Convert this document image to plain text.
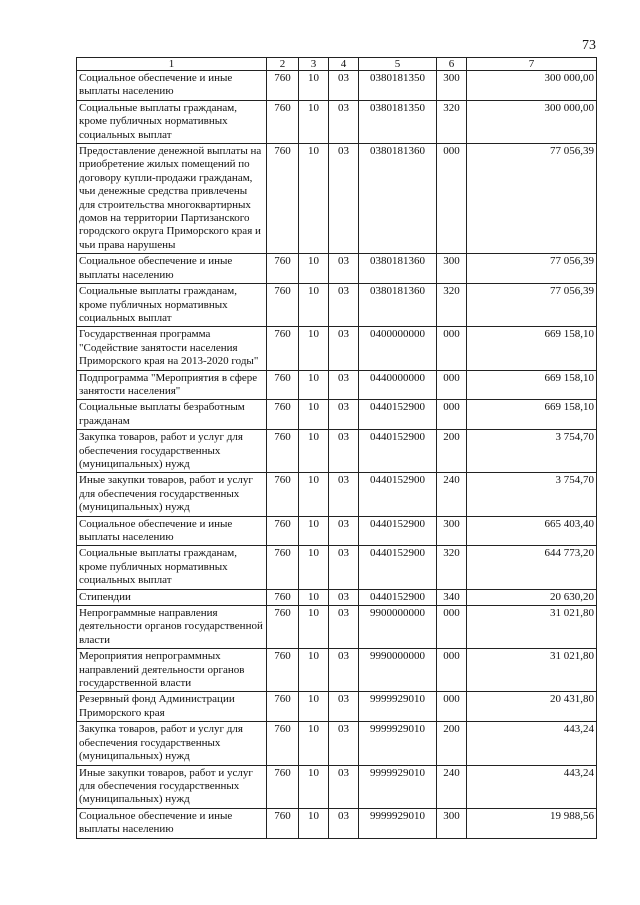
73
1	2	3	4	5	6	7
Социальное обеспечение и иные выплаты населению	760	10	03	0380181350	300	300 000,00
Социальные выплаты гражданам, кроме публичных нормативных социальных выплат	760	10	03	0380181350	320	300 000,00
Предоставление денежной выплаты на приобретение жилых помещений по договору купли-продажи гражданам, чьи денежные средства привлечены для строительства многоквартирных домов на территории Партизанского городского округа Приморского края и чьи права нарушены	760	10	03	0380181360	000	77 056,39
Социальное обеспечение и иные выплаты населению	760	10	03	0380181360	300	77 056,39
Социальные выплаты гражданам, кроме публичных нормативных социальных выплат	760	10	03	0380181360	320	77 056,39
Государственная программа "Содействие занятости населения Приморского края на 2013-2020 годы"	760	10	03	0400000000	000	669 158,10
Подпрограмма "Мероприятия в сфере занятости населения"	760	10	03	0440000000	000	669 158,10
Социальные выплаты безработным гражданам	760	10	03	0440152900	000	669 158,10
Закупка товаров, работ и услуг для обеспечения государственных (муниципальных) нужд	760	10	03	0440152900	200	3 754,70
Иные закупки товаров, работ и услуг для обеспечения государственных (муниципальных) нужд	760	10	03	0440152900	240	3 754,70
Социальное обеспечение и иные выплаты населению	760	10	03	0440152900	300	665 403,40
Социальные выплаты гражданам, кроме публичных нормативных социальных выплат	760	10	03	0440152900	320	644 773,20
Стипендии	760	10	03	0440152900	340	20 630,20
Непрограммные направления деятельности органов государственной власти	760	10	03	9900000000	000	31 021,80
Мероприятия непрограммных направлений деятельности органов государственной власти	760	10	03	9990000000	000	31 021,80
Резервный фонд Администрации Приморского края	760	10	03	9999929010	000	20 431,80
Закупка товаров, работ и услуг для обеспечения государственных (муниципальных) нужд	760	10	03	9999929010	200	443,24
Иные закупки товаров, работ и услуг для обеспечения государственных (муниципальных) нужд	760	10	03	9999929010	240	443,24
Социальное обеспечение и иные выплаты населению	760	10	03	9999929010	300	19 988,56
